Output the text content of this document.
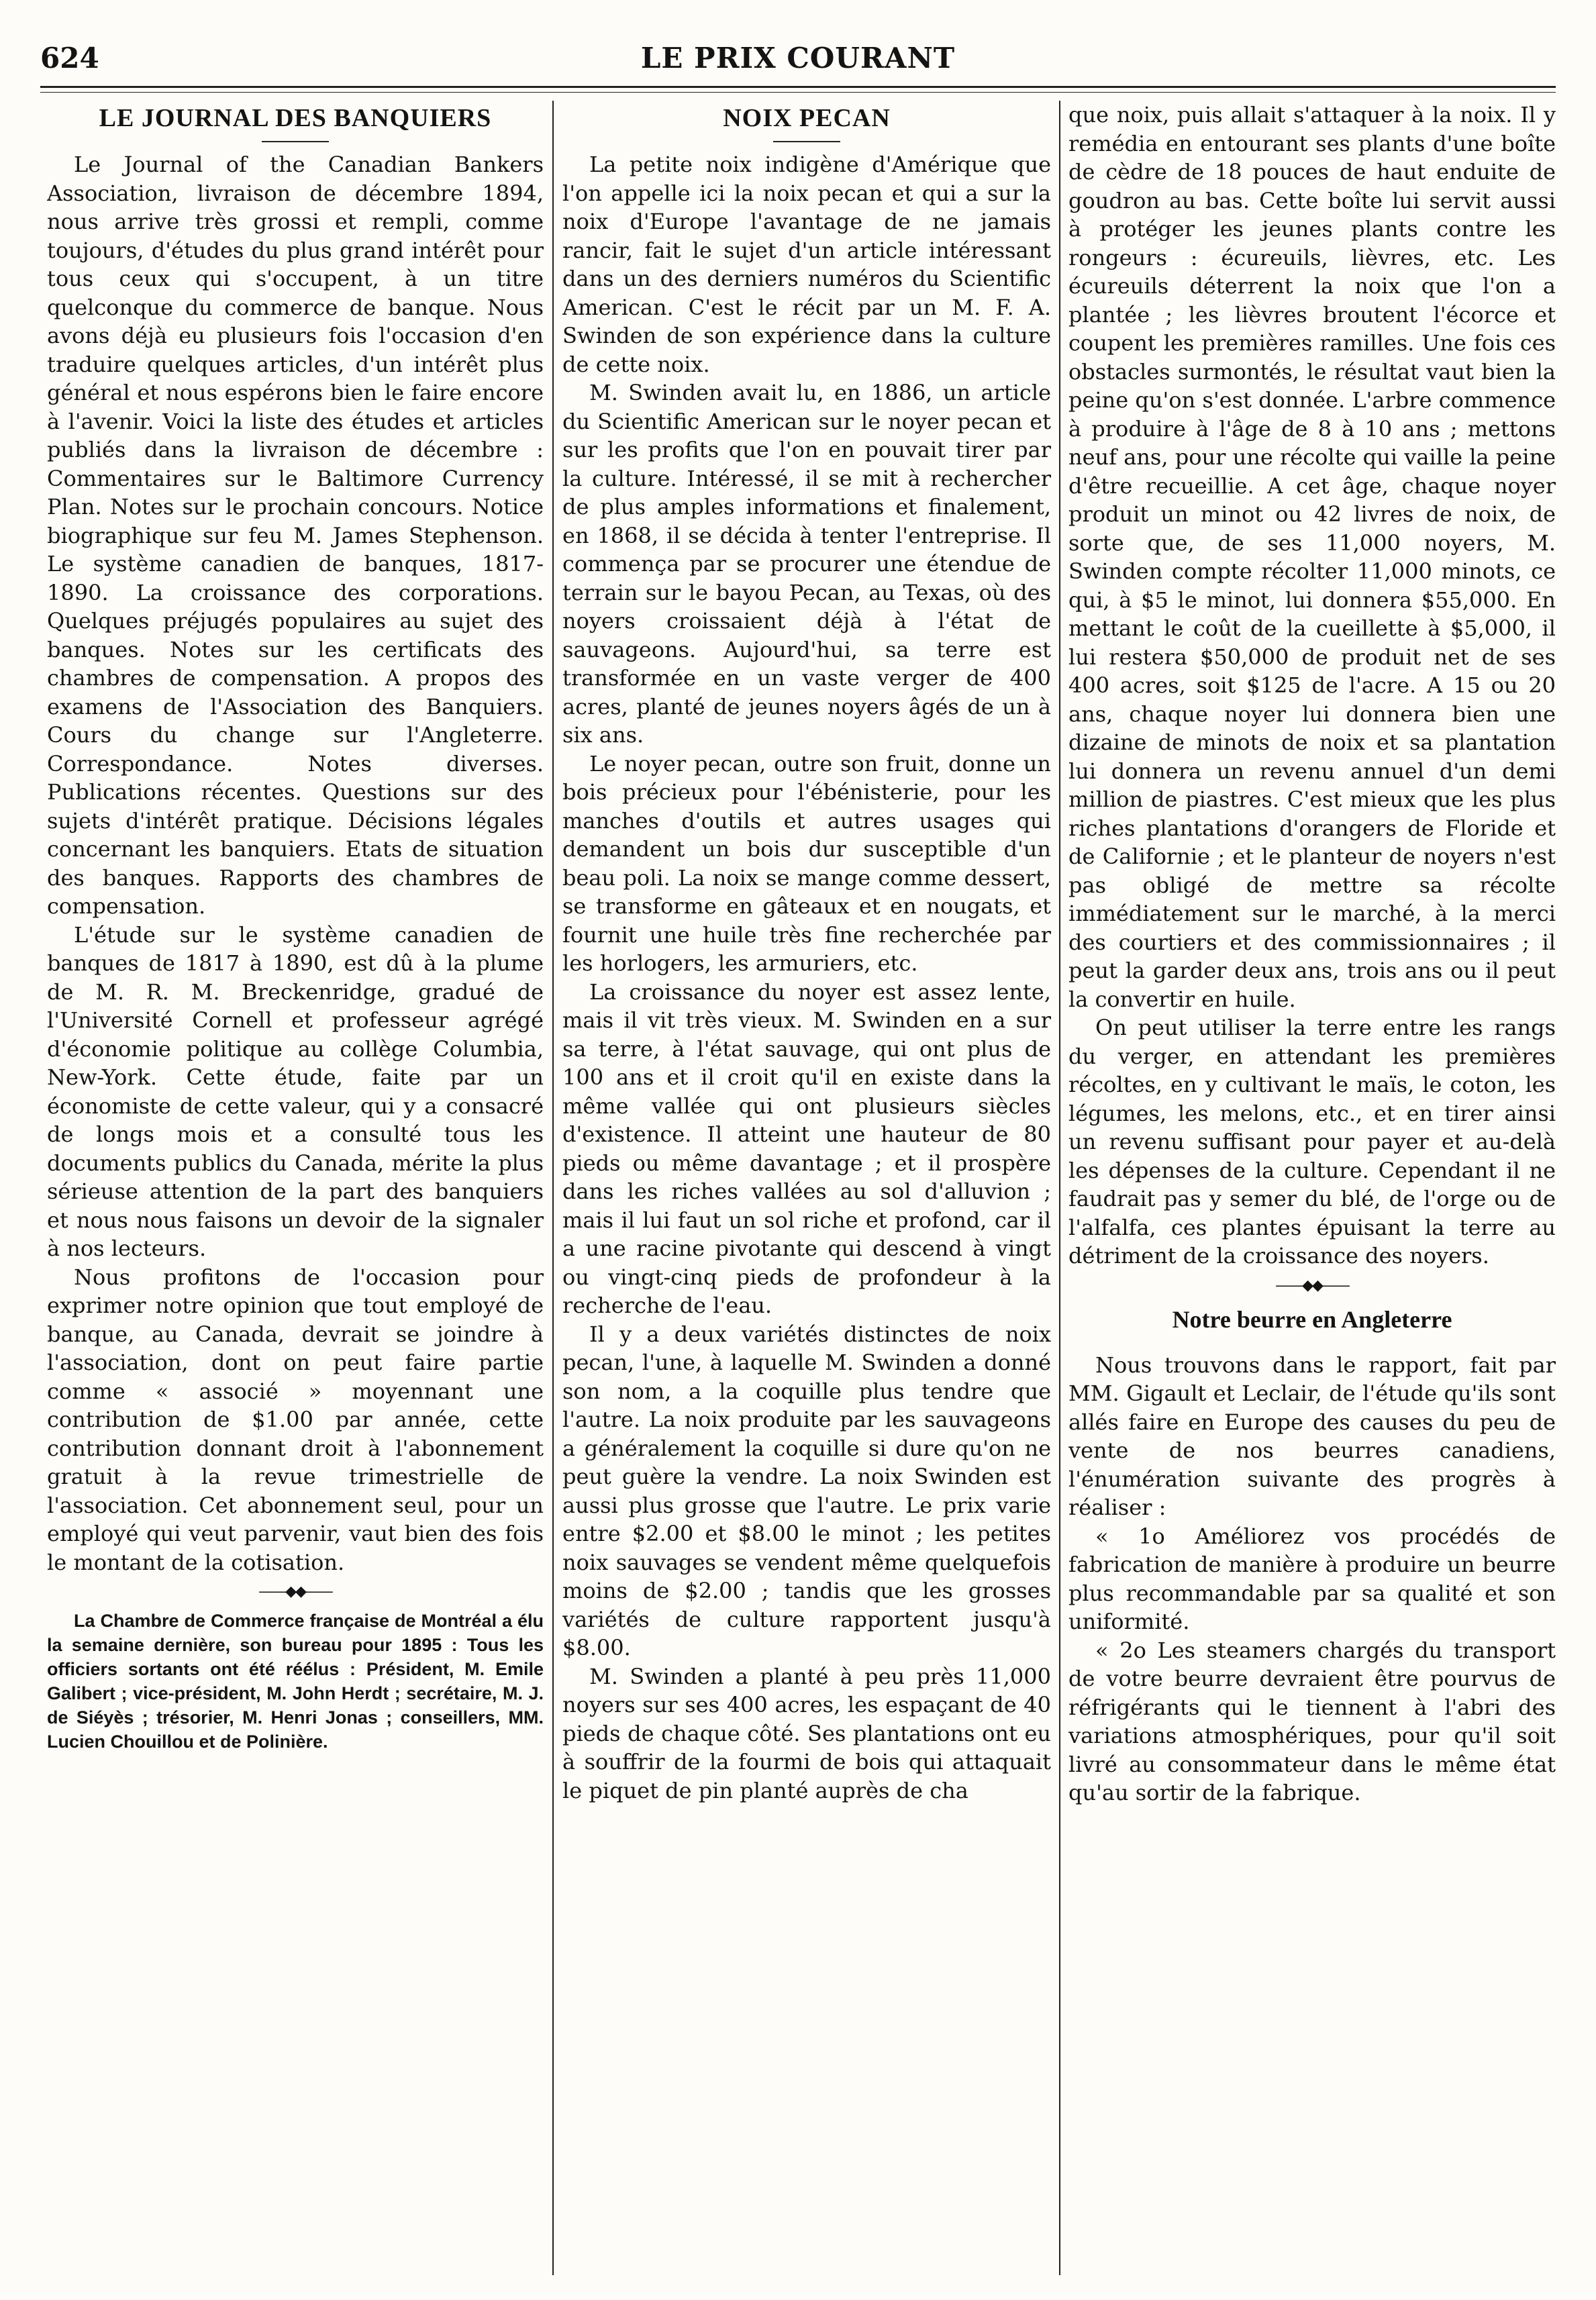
624	LE PRIX COURANT
LE JOURNAL DES BANQUIERS

Le Journal of the Canadian Bankers Association, livraison de décembre 1894, nous arrive très grossi et rempli, comme toujours, d'études du plus grand intérêt pour tous ceux qui s'occupent, à un titre quelconque du commerce de banque. Nous avons déjà eu plusieurs fois l'occasion d'en traduire quelques articles, d'un intérêt plus général et nous espérons bien le faire encore à l'avenir. Voici la liste des études et articles publiés dans la livraison de décembre : Commentaires sur le Baltimore Currency Plan. Notes sur le prochain concours. Notice biographique sur feu M. James Stephenson. Le système canadien de banques, 1817-1890. La croissance des corporations. Quelques préjugés populaires au sujet des banques. Notes sur les certificats des chambres de compensation. A propos des examens de l'Association des Banquiers. Cours du change sur l'Angleterre. Correspondance. Notes diverses. Publications récentes. Questions sur des sujets d'intérêt pratique. Décisions légales concernant les banquiers. Etats de situation des banques. Rapports des chambres de compensation.

L'étude sur le système canadien de banques de 1817 à 1890, est dû à la plume de M. R. M. Breckenridge, gradué de l'Université Cornell et professeur agrégé d'économie politique au collège Columbia, New-York. Cette étude, faite par un économiste de cette valeur, qui y a consacré de longs mois et a consulté tous les documents publics du Canada, mérite la plus sérieuse attention de la part des banquiers et nous nous faisons un devoir de la signaler à nos lecteurs.

Nous profitons de l'occasion pour exprimer notre opinion que tout employé de banque, au Canada, devrait se joindre à l'association, dont on peut faire partie comme « associé » moyennant une contribution de $1.00 par année, cette contribution donnant droit à l'abonnement gratuit à la revue trimestrielle de l'association. Cet abonnement seul, pour un employé qui veut parvenir, vaut bien des fois le montant de la cotisation.

——◆◆——

La Chambre de Commerce française de Montréal a élu la semaine dernière, son bureau pour 1895 : Tous les officiers sortants ont été réélus : Président, M. Emile Galibert ; vice-président, M. John Herdt ; secrétaire, M. J. de Siéyès ; trésorier, M. Henri Jonas ; conseillers, MM. Lucien Chouillou et de Polinière.

NOIX PECAN

La petite noix indigène d'Amérique que l'on appelle ici la noix pecan et qui a sur la noix d'Europe l'avantage de ne jamais rancir, fait le sujet d'un article intéressant dans un des derniers numéros du Scientific American. C'est le récit par un M. F. A. Swinden de son expérience dans la culture de cette noix.

M. Swinden avait lu, en 1886, un article du Scientific American sur le noyer pecan et sur les profits que l'on en pouvait tirer par la culture. Intéressé, il se mit à rechercher de plus amples informations et finalement, en 1868, il se décida à tenter l'entreprise. Il commença par se procurer une étendue de terrain sur le bayou Pecan, au Texas, où des noyers croissaient déjà à l'état de sauvageons. Aujourd'hui, sa terre est transformée en un vaste verger de 400 acres, planté de jeunes noyers âgés de un à six ans.

Le noyer pecan, outre son fruit, donne un bois précieux pour l'ébénisterie, pour les manches d'outils et autres usages qui demandent un bois dur susceptible d'un beau poli. La noix se mange comme dessert, se transforme en gâteaux et en nougats, et fournit une huile très fine recherchée par les horlogers, les armuriers, etc.

La croissance du noyer est assez lente, mais il vit très vieux. M. Swinden en a sur sa terre, à l'état sauvage, qui ont plus de 100 ans et il croit qu'il en existe dans la même vallée qui ont plusieurs siècles d'existence. Il atteint une hauteur de 80 pieds ou même davantage ; et il prospère dans les riches vallées au sol d'alluvion ; mais il lui faut un sol riche et profond, car il a une racine pivotante qui descend à vingt ou vingt-cinq pieds de profondeur à la recherche de l'eau.

Il y a deux variétés distinctes de noix pecan, l'une, à laquelle M. Swinden a donné son nom, a la coquille plus tendre que l'autre. La noix produite par les sauvageons a généralement la coquille si dure qu'on ne peut guère la vendre. La noix Swinden est aussi plus grosse que l'autre. Le prix varie entre $2.00 et $8.00 le minot ; les petites noix sauvages se vendent même quelquefois moins de $2.00 ; tandis que les grosses variétés de culture rapportent jusqu'à $8.00.

M. Swinden a planté à peu près 11,000 noyers sur ses 400 acres, les espaçant de 40 pieds de chaque côté. Ses plantations ont eu à souffrir de la fourmi de bois qui attaquait le piquet de pin planté auprès de cha

que noix, puis allait s'attaquer à la noix. Il y remédia en entourant ses plants d'une boîte de cèdre de 18 pouces de haut enduite de goudron au bas. Cette boîte lui servit aussi à protéger les jeunes plants contre les rongeurs : écureuils, lièvres, etc. Les écureuils déterrent la noix que l'on a plantée ; les lièvres broutent l'écorce et coupent les premières ramilles. Une fois ces obstacles surmontés, le résultat vaut bien la peine qu'on s'est donnée. L'arbre commence à produire à l'âge de 8 à 10 ans ; mettons neuf ans, pour une récolte qui vaille la peine d'être recueillie. A cet âge, chaque noyer produit un minot ou 42 livres de noix, de sorte que, de ses 11,000 noyers, M. Swinden compte récolter 11,000 minots, ce qui, à $5 le minot, lui donnera $55,000. En mettant le coût de la cueillette à $5,000, il lui restera $50,000 de produit net de ses 400 acres, soit $125 de l'acre. A 15 ou 20 ans, chaque noyer lui donnera bien une dizaine de minots de noix et sa plantation lui donnera un revenu annuel d'un demi million de piastres. C'est mieux que les plus riches plantations d'orangers de Floride et de Californie ; et le planteur de noyers n'est pas obligé de mettre sa récolte immédiatement sur le marché, à la merci des courtiers et des commissionnaires ; il peut la garder deux ans, trois ans ou il peut la convertir en huile.

On peut utiliser la terre entre les rangs du verger, en attendant les premières récoltes, en y cultivant le maïs, le coton, les légumes, les melons, etc., et en tirer ainsi un revenu suffisant pour payer et au-delà les dépenses de la culture. Cependant il ne faudrait pas y semer du blé, de l'orge ou de l'alfalfa, ces plantes épuisant la terre au détriment de la croissance des noyers.

——◆◆——
Notre beurre en Angleterre

Nous trouvons dans le rapport, fait par MM. Gigault et Leclair, de l'étude qu'ils sont allés faire en Europe des causes du peu de vente de nos beurres canadiens, l'énumération suivante des progrès à réaliser :

« 1o Améliorez vos procédés de fabrication de manière à produire un beurre plus recommandable par sa qualité et son uniformité.

« 2o Les steamers chargés du transport de votre beurre devraient être pourvus de réfrigérants qui le tiennent à l'abri des variations atmosphériques, pour qu'il soit livré au consommateur dans le même état qu'au sortir de la fabrique.
